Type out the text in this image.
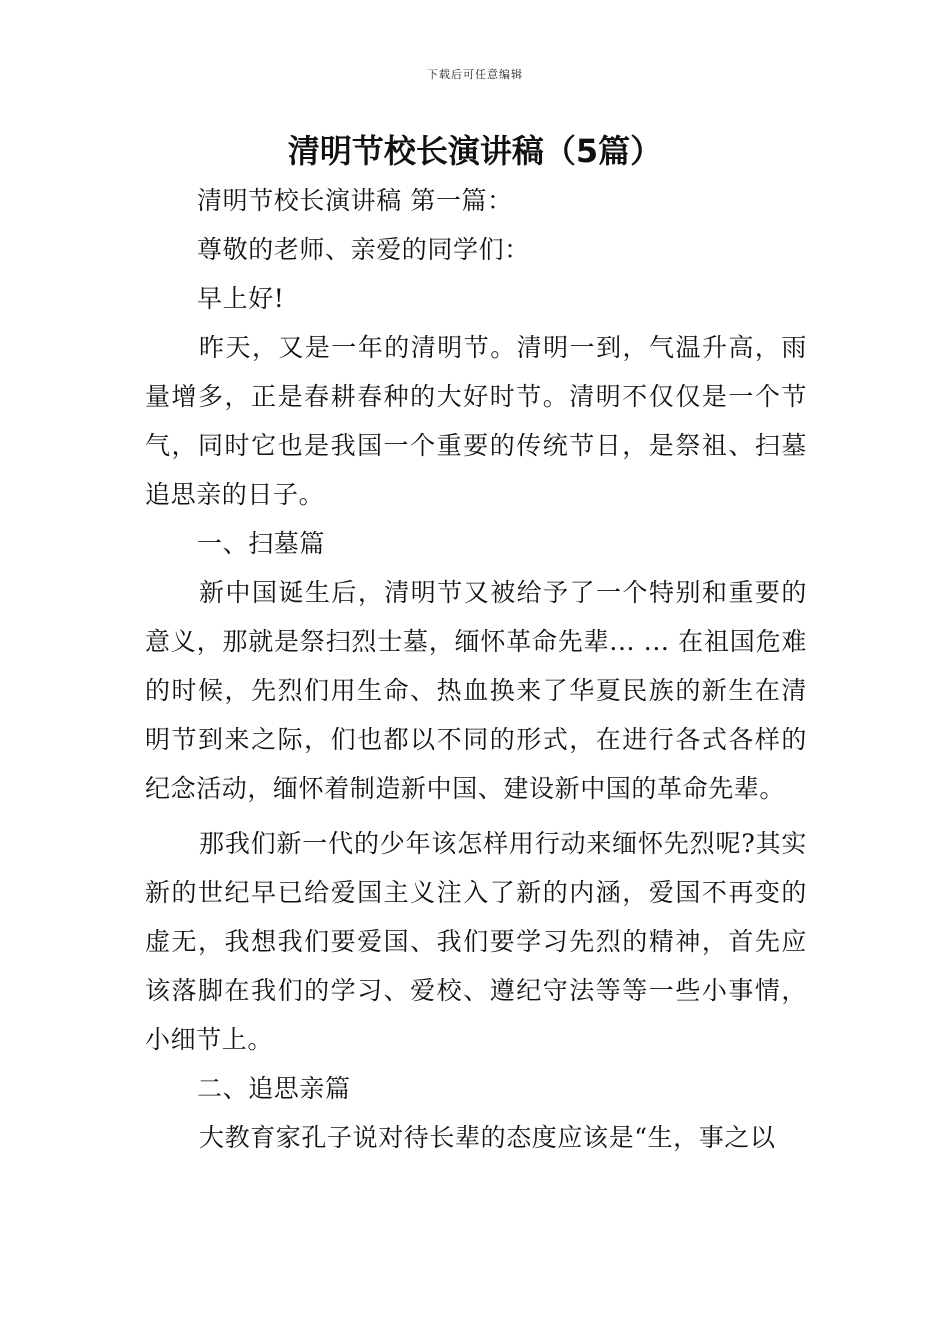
下载后可任意编辑
清明节校长演讲稿（5篇）

清明节校长演讲稿 第一篇：

尊敬的老师、亲爱的同学们：

早上好!

昨天，又是一年的清明节。清明一到，气温升高，雨量增多，正是春耕春种的大好时节。清明不仅仅是一个节气，同时它也是我国一个重要的传统节日，是祭祖、扫墓追思亲的日子。

一、扫墓篇

新中国诞生后，清明节又被给予了一个特别和重要的意义，那就是祭扫烈士墓，缅怀革命先辈... ... 在祖国危难的时候，先烈们用生命、热血换来了华夏民族的新生在清明节到来之际，们也都以不同的形式，在进行各式各样的纪念活动，缅怀着制造新中国、建设新中国的革命先辈。

那我们新一代的少年该怎样用行动来缅怀先烈呢?其实新的世纪早已给爱国主义注入了新的内涵，爱国不再变的虚无，我想我们要爱国、我们要学习先烈的精神，首先应该落脚在我们的学习、爱校、遵纪守法等等一些小事情，小细节上。

二、追思亲篇

大教育家孔子说对待长辈的态度应该是“生，事之以
